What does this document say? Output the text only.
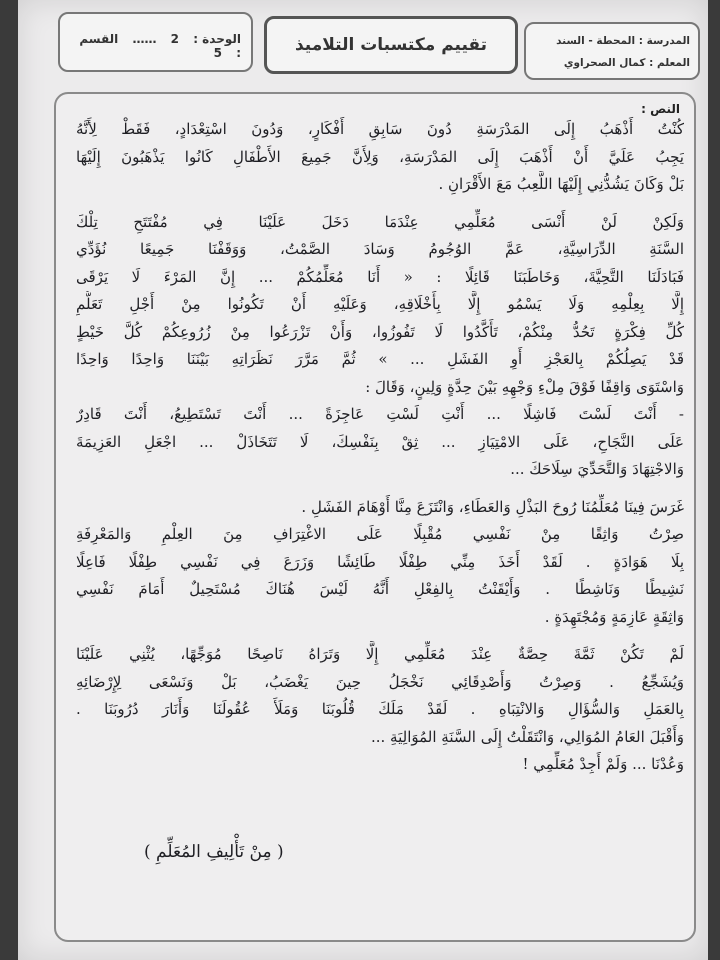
الوحدة : 2 …… القسم : 5	تقييم مكتسبات التلاميذ	المدرسة : المحطة - السند
المعلم : كمال الصحراوي
النص :
كُنْتُ أَذْهَبُ إِلَى المَدْرَسَةِ دُونَ سَابِقِ أَفْكَارٍ، وَدُونَ اسْتِعْدَادٍ، فَقَطْ لِأَنَّهُ
يَجِبُ عَلَيَّ أَنْ أَذْهَبَ إِلَى المَدْرَسَةِ، وَلِأَنَّ جَمِيعَ الأَطْفَالِ كَانُوا يَذْهَبُونَ إِلَيْهَا
بَلْ وَكَانَ يَشُدُّنِي إِلَيْهَا اللَّعِبُ مَعَ الأَقْرَانِ .
وَلَكِنْ لَنْ أَنْسَى مُعَلِّمِي عِنْدَمَا دَخَلَ عَلَيْنَا فِي مُفْتَتَحِ تِلْكَ
السَّنَةِ الدِّرَاسِيَّةِ، عَمَّ الوُجُومُ وَسَادَ الصَّمْتُ، وَوَقَفْنَا جَمِيعًا نُؤَدِّي
فَبَادَلَنَا التَّحِيَّةَ، وَخَاطَبَنَا قَائِلًا : « أَنَا مُعَلِّمُكُمْ ... إِنَّ المَرْءَ لَا يَرْقَى
إِلَّا بِعِلْمِهِ وَلَا يَسْمُو إِلَّا بِأَخْلَاقِهِ، وَعَلَيْهِ أَنْ تَكُونُوا مِنْ أَجْلِ تَعَلُّمِ
كُلِّ فِكْرَةٍ تَحُدُّ مِنْكُمْ، تَأَكَّدُوا لَا تَفُوزُوا، وَأَنْ تَزْرَعُوا مِنْ زُرُوعِكُمْ كُلَّ خَيْطٍ
قَدْ يَصِلُكُمْ بِالعَجْزِ أَوِ الفَشَلِ ... » ثُمَّ مَرَّرَ نَظَرَاتِهِ بَيْنَنَا وَاحِدًا وَاحِدًا
وَاسْتَوَى وَاقِفًا فَوْقَ مِلْءِ وَجْهِهِ بَيْنَ حِدَّةٍ وَلِينٍ، وَقَالَ :
- أَنْتَ لَسْتَ فَاشِلًا ... أَنْتِ لَسْتِ عَاجِزَةً ... أَنْتَ تَسْتَطِيعُ، أَنْتَ قَادِرٌ
عَلَى النَّجَاحِ، عَلَى الامْتِيَازِ ... ثِقْ بِنَفْسِكَ، لَا تَتَخَاذَلْ ... اجْعَلِ العَزِيمَةَ
وَالاجْتِهَادَ وَالتَّحَدِّيَ سِلَاحَكَ ...
غَرَسَ فِينَا مُعَلِّمُنَا رُوحَ البَذْلِ وَالعَطَاءِ، وَانْتَزَعَ مِنَّا أَوْهَامَ الفَشَلِ .
صِرْتُ وَاثِقًا مِنْ نَفْسِي مُقْبِلًا عَلَى الاغْتِرَافِ مِنَ العِلْمِ وَالمَعْرِفَةِ
بِلَا هَوَادَةٍ . لَقَدْ أَخَذَ مِنِّي طِفْلًا طَائِشًا وَزَرَعَ فِي نَفْسِي طِفْلًا فَاعِلًا
نَشِيطًا وَنَاشِطًا . وَأَيْقَنْتُ بِالفِعْلِ أَنَّهُ لَيْسَ هُنَاكَ مُسْتَحِيلٌ أَمَامَ نَفْسِي
وَاثِقَةٍ عَازِمَةٍ وَمُجْتَهِدَةٍ .
لَمْ تَكُنْ ثَمَّةَ حِصَّةٌ عِنْدَ مُعَلِّمِي إِلَّا وَتَرَاهُ نَاصِحًا مُوَجِّهًا، يُثْنِي عَلَيْنَا
وَيُشَجِّعُ . وَصِرْتُ وَأَصْدِقَائِي نَخْجَلُ حِينَ يَغْضَبُ، بَلْ وَنَسْعَى لِإِرْضَائِهِ
بِالعَمَلِ وَالسُّؤَالِ وَالانْتِبَاهِ . لَقَدْ مَلَكَ قُلُوبَنَا وَمَلَأَ عُقُولَنَا وَأَنَارَ دُرُوبَنَا .
وَأَقْبَلَ العَامُ المُوَالِي، وَانْتَقَلْتُ إِلَى السَّنَةِ المُوَالِيَةِ ...
وَعُدْنَا ... وَلَمْ أَجِدْ مُعَلِّمِي !
( مِنْ تَأْلِيفِ المُعَلِّمِ )
